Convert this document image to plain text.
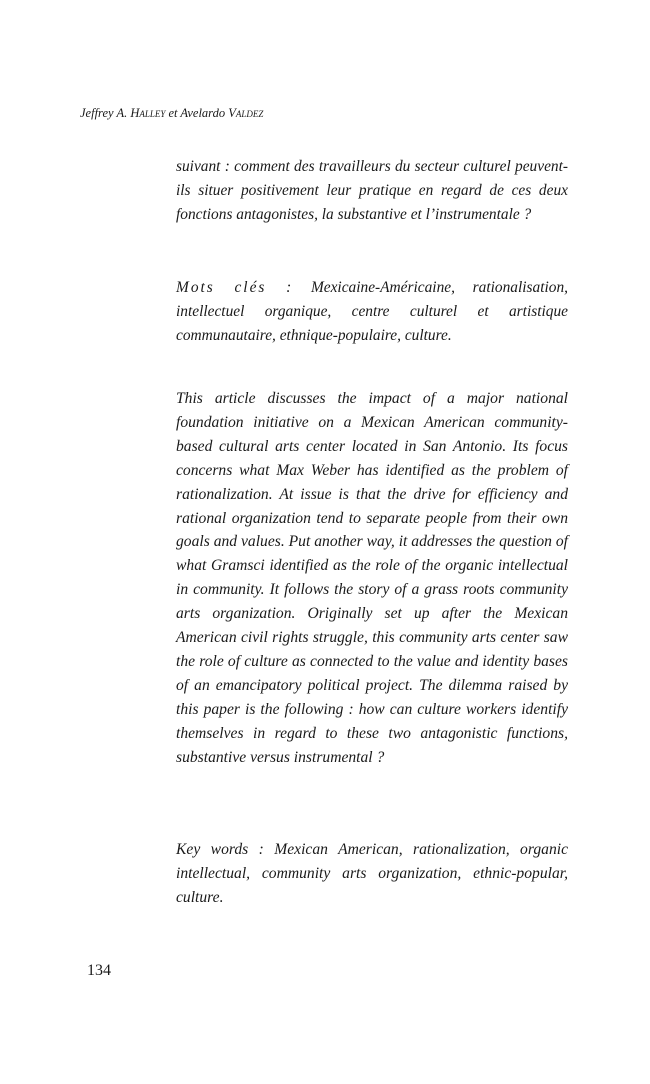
Jeffrey A. Halley et Avelardo Valdez

suivant : comment des travailleurs du secteur culturel peuvent-ils situer positivement leur pratique en regard de ces deux fonctions antagonistes, la substantive et l’instrumentale ?

Mots clés : Mexicaine-Américaine, rationalisation, intellectuel organique, centre culturel et artistique communautaire, ethnique-populaire, culture.

This article discusses the impact of a major national foundation initiative on a Mexican American community-based cultural arts center located in San Antonio. Its focus concerns what Max Weber has identified as the problem of rationalization. At issue is that the drive for efficiency and rational organization tend to separate people from their own goals and values. Put another way, it addresses the question of what Gramsci identified as the role of the organic intellectual in community. It follows the story of a grass roots community arts organization. Originally set up after the Mexican American civil rights struggle, this community arts center saw the role of culture as connected to the value and identity bases of an emancipatory political project. The dilemma raised by this paper is the following : how can culture workers identify themselves in regard to these two antagonistic functions, substantive versus instrumental ?

Key words : Mexican American, rationalization, organic intellectual, community arts organization, ethnic-popular, culture.

134
